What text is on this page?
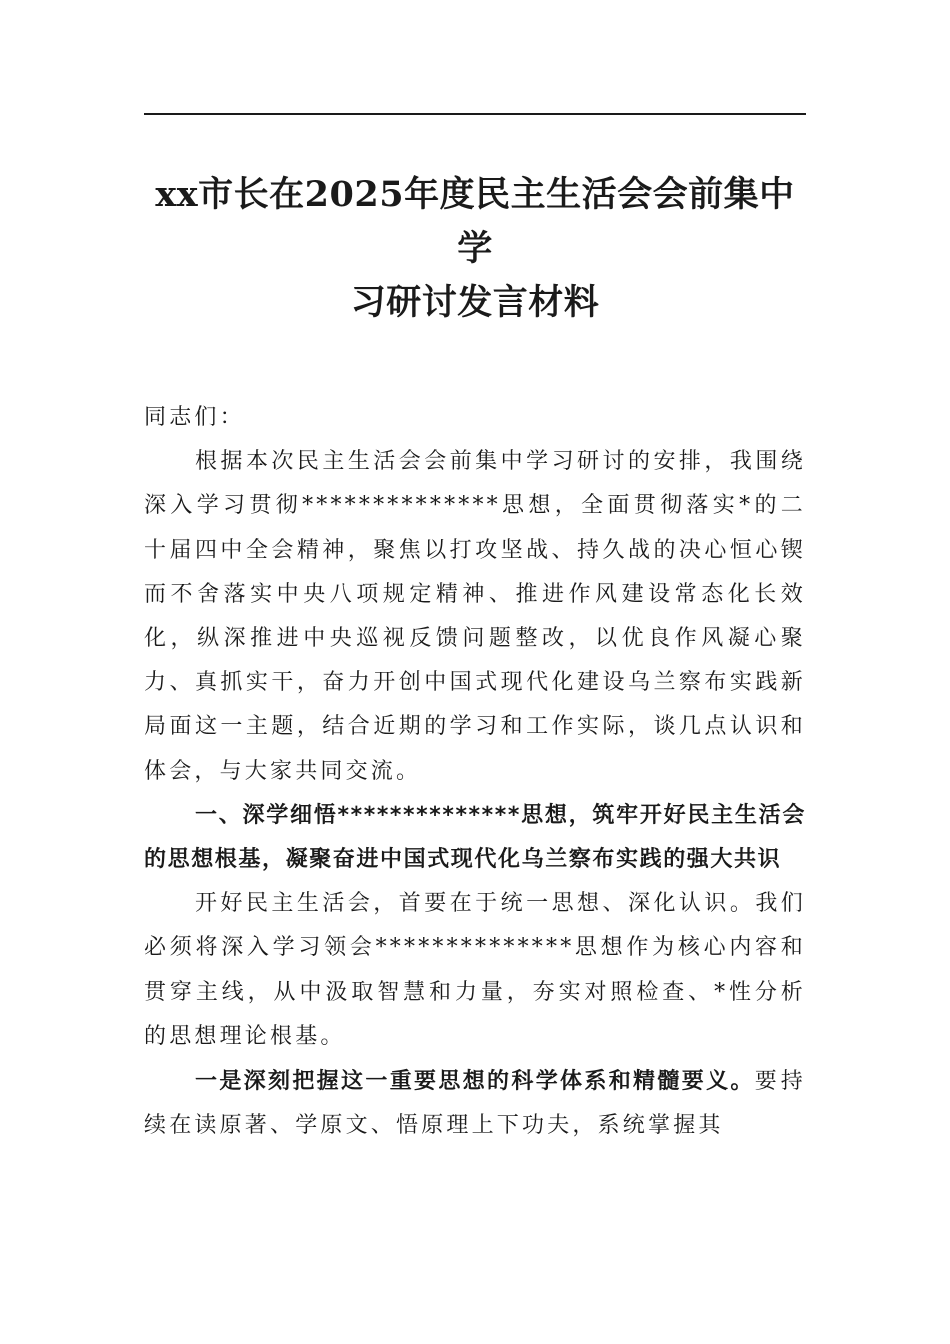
xx市长在2025年度民主生活会会前集中学
习研讨发言材料

同志们：

根据本次民主生活会会前集中学习研讨的安排，我围绕深入学习贯彻**************思想，全面贯彻落实*的二十届四中全会精神，聚焦以打攻坚战、持久战的决心恒心锲而不舍落实中央八项规定精神、推进作风建设常态化长效化，纵深推进中央巡视反馈问题整改，以优良作风凝心聚力、真抓实干，奋力开创中国式现代化建设乌兰察布实践新局面这一主题，结合近期的学习和工作实际，谈几点认识和体会，与大家共同交流。

一、深学细悟**************思想，筑牢开好民主生活会的思想根基，凝聚奋进中国式现代化乌兰察布实践的强大共识

开好民主生活会，首要在于统一思想、深化认识。我们必须将深入学习领会**************思想作为核心内容和贯穿主线，从中汲取智慧和力量，夯实对照检查、*性分析的思想理论根基。

一是深刻把握这一重要思想的科学体系和精髓要义。要持续在读原著、学原文、悟原理上下功夫，系统掌握其
